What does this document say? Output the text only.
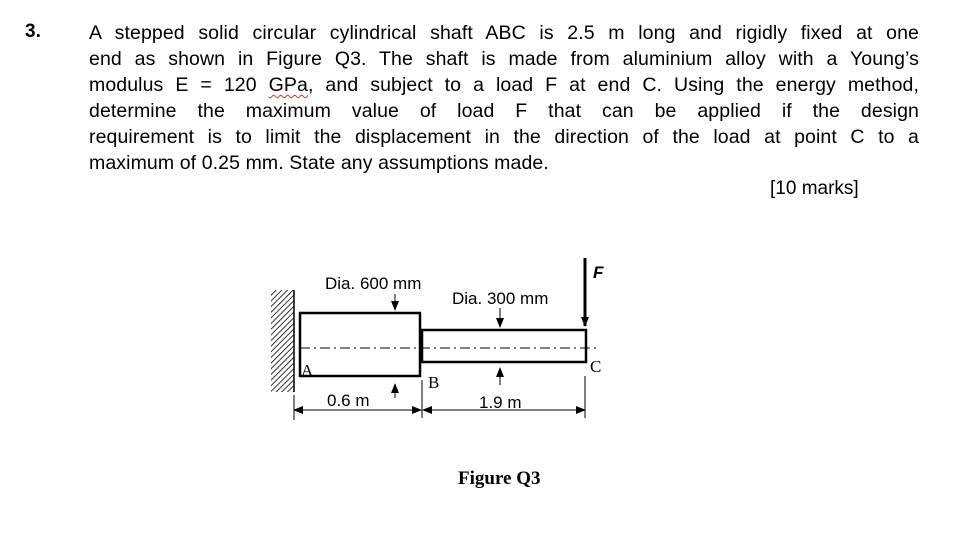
3. A stepped solid circular cylindrical shaft ABC is 2.5 m long and rigidly fixed at one
end as shown in Figure Q3. The shaft is made from aluminium alloy with a Young’s
modulus E = 120 GPa, and subject to a load F at end C. Using the energy method,
determine the maximum value of load F that can be applied if the design
requirement is to limit the displacement in the direction of the load at point C to a
maximum of 0.25 mm. State any assumptions made.
[10 marks]
Dia. 600 mm
Dia. 300 mm
F
A
B
C
0.6 m	1.9 m
Figure Q3
